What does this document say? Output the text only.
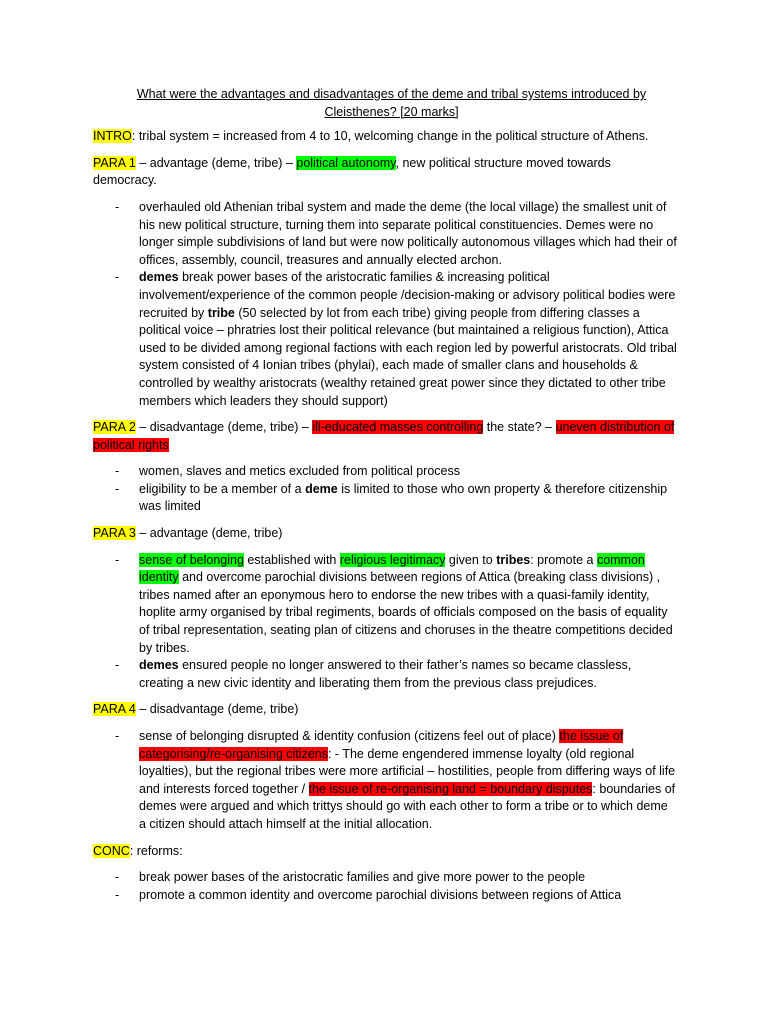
What were the advantages and disadvantages of the deme and tribal systems introduced by Cleisthenes? [20 marks]

INTRO: tribal system = increased from 4 to 10, welcoming change in the political structure of Athens.

PARA 1 – advantage (deme, tribe) – political autonomy, new political structure moved towards democracy.

- overhauled old Athenian tribal system and made the deme (the local village) the smallest unit of his new political structure, turning them into separate political constituencies. Demes were no longer simple subdivisions of land but were now politically autonomous villages which had their of offices, assembly, council, treasures and annually elected archon.
- demes break power bases of the aristocratic families & increasing political involvement/experience of the common people /decision-making or advisory political bodies were recruited by tribe (50 selected by lot from each tribe) giving people from differing classes a political voice – phratries lost their political relevance (but maintained a religious function), Attica used to be divided among regional factions with each region led by powerful aristocrats. Old tribal system consisted of 4 Ionian tribes (phylai), each made of smaller clans and households & controlled by wealthy aristocrats (wealthy retained great power since they dictated to other tribe members which leaders they should support)

PARA 2 – disadvantage (deme, tribe) – ill-educated masses controlling the state? – uneven distribution of political rights

- women, slaves and metics excluded from political process
- eligibility to be a member of a deme is limited to those who own property & therefore citizenship was limited

PARA 3 – advantage (deme, tribe)

- sense of belonging established with religious legitimacy given to tribes: promote a common identity and overcome parochial divisions between regions of Attica (breaking class divisions) , tribes named after an eponymous hero to endorse the new tribes with a quasi-family identity, hoplite army organised by tribal regiments, boards of officials composed on the basis of equality of tribal representation, seating plan of citizens and choruses in the theatre competitions decided by tribes.
- demes ensured people no longer answered to their father’s names so became classless, creating a new civic identity and liberating them from the previous class prejudices.

PARA 4 – disadvantage (deme, tribe)

- sense of belonging disrupted & identity confusion (citizens feel out of place) the issue of categorising/re-organising citizens: - The deme engendered immense loyalty (old regional loyalties), but the regional tribes were more artificial – hostilities, people from differing ways of life and interests forced together / the issue of re-organising land = boundary disputes: boundaries of demes were argued and which trittys should go with each other to form a tribe or to which deme a citizen should attach himself at the initial allocation.

CONC: reforms:

- break power bases of the aristocratic families and give more power to the people
- promote a common identity and overcome parochial divisions between regions of Attica
